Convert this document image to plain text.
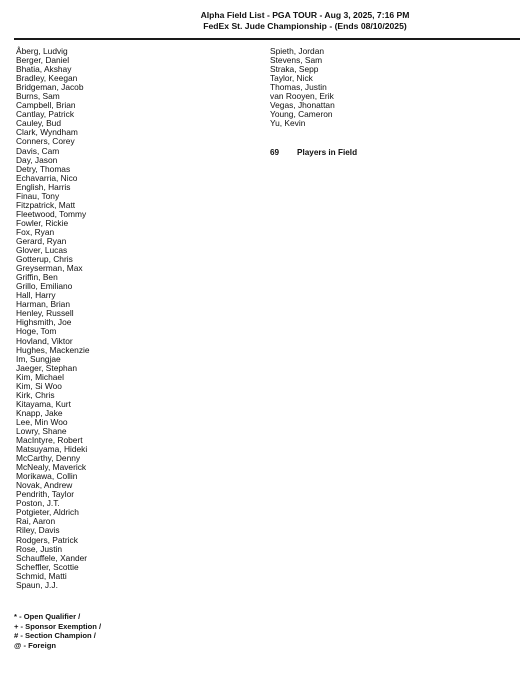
Alpha Field List - PGA TOUR - Aug 3, 2025, 7:16 PM
FedEx St. Jude Championship - (Ends 08/10/2025)
Åberg, Ludvig
Berger, Daniel
Bhatia, Akshay
Bradley, Keegan
Bridgeman, Jacob
Burns, Sam
Campbell, Brian
Cantlay, Patrick
Cauley, Bud
Clark, Wyndham
Conners, Corey
Davis, Cam
Day, Jason
Detry, Thomas
Echavarria, Nico
English, Harris
Finau, Tony
Fitzpatrick, Matt
Fleetwood, Tommy
Fowler, Rickie
Fox, Ryan
Gerard, Ryan
Glover, Lucas
Gotterup, Chris
Greyserman, Max
Griffin, Ben
Grillo, Emiliano
Hall, Harry
Harman, Brian
Henley, Russell
Highsmith, Joe
Hoge, Tom
Hovland, Viktor
Hughes, Mackenzie
Im, Sungjae
Jaeger, Stephan
Kim, Michael
Kim, Si Woo
Kirk, Chris
Kitayama, Kurt
Knapp, Jake
Lee, Min Woo
Lowry, Shane
MacIntyre, Robert
Matsuyama, Hideki
McCarthy, Denny
McNealy, Maverick
Morikawa, Collin
Novak, Andrew
Pendrith, Taylor
Poston, J.T.
Potgieter, Aldrich
Rai, Aaron
Riley, Davis
Rodgers, Patrick
Rose, Justin
Schauffele, Xander
Scheffler, Scottie
Schmid, Matti
Spaun, J.J.
Spieth, Jordan
Stevens, Sam
Straka, Sepp
Taylor, Nick
Thomas, Justin
van Rooyen, Erik
Vegas, Jhonattan
Young, Cameron
Yu, Kevin
69 Players in Field
* - Open Qualifier /
+ - Sponsor Exemption /
# - Section Champion /
@ - Foreign
